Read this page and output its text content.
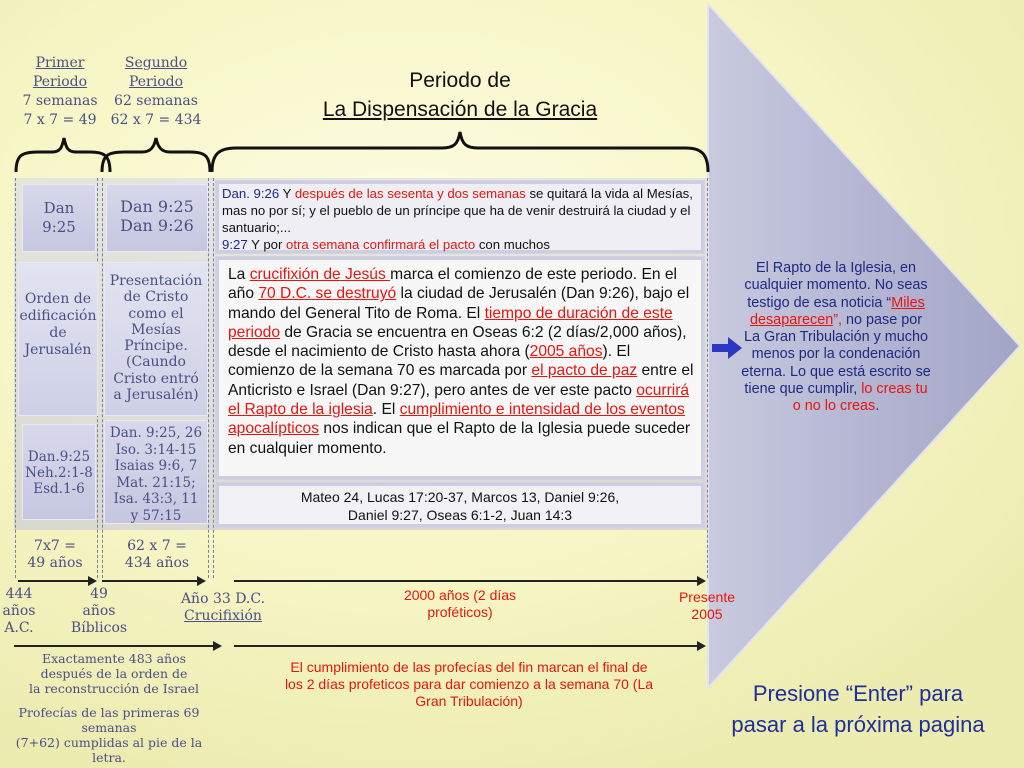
Periodo de
La Dispensación de la Gracia
Primer
Periodo
7 semanas
7 x 7 = 49
Segundo
Periodo
62 semanas
62 x 7 = 434
Dan
9:25
Orden de
edificación
de
Jerusalén
Dan.9:25
Neh.2:1-8
Esd.1-6
Dan 9:25
Dan 9:26
Presentación
de Cristo
como el
Mesías
Príncipe.
(Caundo
Cristo entró
a Jerusalén)
Dan. 9:25, 26
Iso. 3:14-15
Isaias 9:6, 7
Mat. 21:15;
Isa. 43:3, 11
y 57:15
7x7 =
49 años
62 x 7 =
434 años
Dan. 9:26 Y después de las sesenta y dos semanas se quitará la vida al Mesías, mas no por sí; y el pueblo de un príncipe que ha de venir destruirá la ciudad y el santuario;...
9:27 Y por otra semana confirmará el pacto con muchos
La crucifixión de Jesús marca el comienzo de este periodo. En el año 70 D.C. se destruyó la ciudad de Jerusalén (Dan 9:26), bajo el mando del General Tito de Roma. El tiempo de duración de este periodo de Gracia se encuentra en Oseas 6:2 (2 días/2,000 años), desde el nacimiento de Cristo hasta ahora (2005 años). El comienzo de la semana 70 es marcada por el pacto de paz entre el Anticristo e Israel (Dan 9:27), pero antes de ver este pacto ocurrirá el Rapto de la iglesia. El cumplimiento e intensidad de los eventos apocalípticos nos indican que el Rapto de la Iglesia puede suceder en cualquier momento.
Mateo 24, Lucas 17:20-37, Marcos 13, Daniel 9:26,
Daniel 9:27, Oseas 6:1-2, Juan 14:3
444
años
A.C.
49
años
Bíblicos
Año 33 D.C.
Crucifixión
2000 años (2 días
proféticos)
Presente
2005
Exactamente 483 años
después de la orden de
la reconstrucción de Israel
Profecías de las primeras 69
semanas
(7+62) cumplidas al pie de la
letra.
El cumplimiento de las profecías del fin marcan el final de
los 2 días profeticos para dar comienzo a la semana 70 (La
Gran Tribulación)
El Rapto de la Iglesia, en cualquier momento. No seas testigo de esa noticia “Miles desaparecen”, no pase por La Gran Tribulación y mucho menos por la condenación eterna. Lo que está escrito se tiene que cumplir, lo creas tu o no lo creas.
Presione “Enter” para
pasar a la próxima pagina
